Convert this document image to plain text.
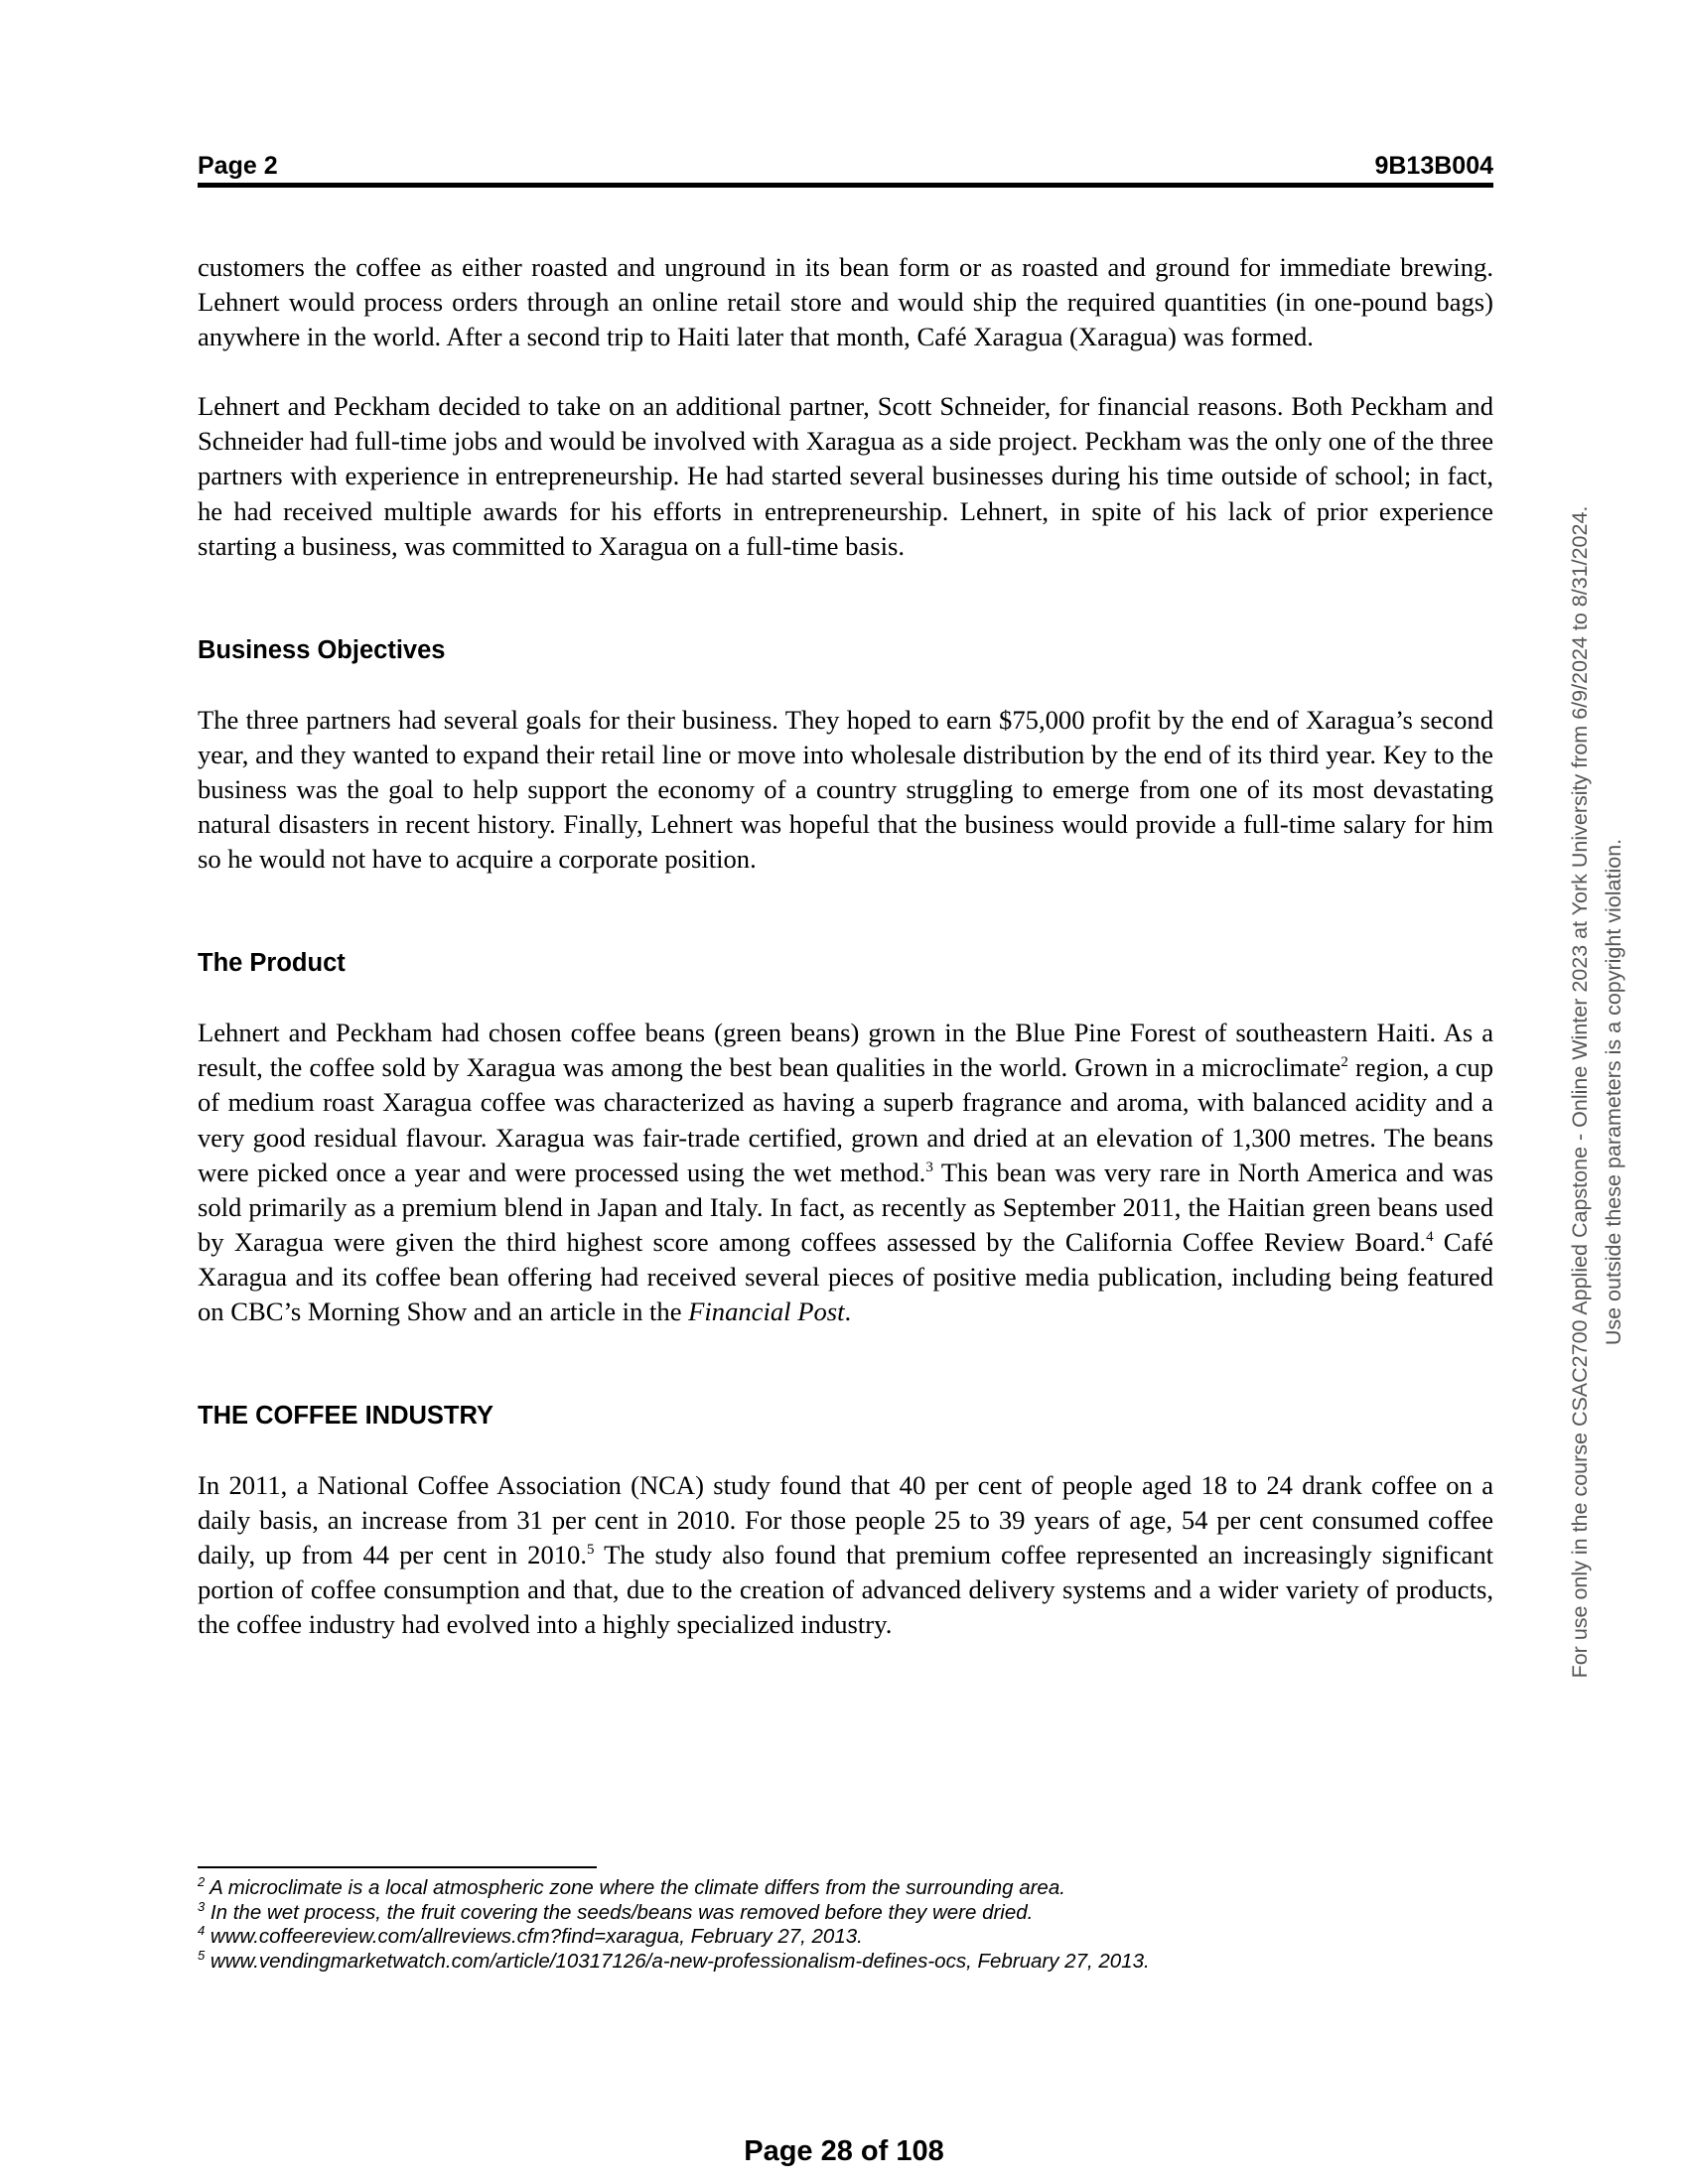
Page 2	9B13B004

customers the coffee as either roasted and unground in its bean form or as roasted and ground for immediate brewing. Lehnert would process orders through an online retail store and would ship the required quantities (in one-pound bags) anywhere in the world. After a second trip to Haiti later that month, Café Xaragua (Xaragua) was formed.

Lehnert and Peckham decided to take on an additional partner, Scott Schneider, for financial reasons. Both Peckham and Schneider had full-time jobs and would be involved with Xaragua as a side project. Peckham was the only one of the three partners with experience in entrepreneurship. He had started several businesses during his time outside of school; in fact, he had received multiple awards for his efforts in entrepreneurship. Lehnert, in spite of his lack of prior experience starting a business, was committed to Xaragua on a full-time basis.

Business Objectives

The three partners had several goals for their business. They hoped to earn $75,000 profit by the end of Xaragua’s second year, and they wanted to expand their retail line or move into wholesale distribution by the end of its third year. Key to the business was the goal to help support the economy of a country struggling to emerge from one of its most devastating natural disasters in recent history. Finally, Lehnert was hopeful that the business would provide a full-time salary for him so he would not have to acquire a corporate position.

The Product

Lehnert and Peckham had chosen coffee beans (green beans) grown in the Blue Pine Forest of southeastern Haiti. As a result, the coffee sold by Xaragua was among the best bean qualities in the world. Grown in a microclimate$^2$ region, a cup of medium roast Xaragua coffee was characterized as having a superb fragrance and aroma, with balanced acidity and a very good residual flavour. Xaragua was fair-trade certified, grown and dried at an elevation of 1,300 metres. The beans were picked once a year and were processed using the wet method.$^3$ This bean was very rare in North America and was sold primarily as a premium blend in Japan and Italy. In fact, as recently as September 2011, the Haitian green beans used by Xaragua were given the third highest score among coffees assessed by the California Coffee Review Board.$^4$ Café Xaragua and its coffee bean offering had received several pieces of positive media publication, including being featured on CBC’s Morning Show and an article in the Financial Post.

THE COFFEE INDUSTRY

In 2011, a National Coffee Association (NCA) study found that 40 per cent of people aged 18 to 24 drank coffee on a daily basis, an increase from 31 per cent in 2010. For those people 25 to 39 years of age, 54 per cent consumed coffee daily, up from 44 per cent in 2010.$^5$ The study also found that premium coffee represented an increasingly significant portion of coffee consumption and that, due to the creation of advanced delivery systems and a wider variety of products, the coffee industry had evolved into a highly specialized industry.

$^2$ A microclimate is a local atmospheric zone where the climate differs from the surrounding area.
$^3$ In the wet process, the fruit covering the seeds/beans was removed before they were dried.
$^4$ www.coffeereview.com/allreviews.cfm?find=xaragua, February 27, 2013.
$^5$ www.vendingmarketwatch.com/article/10317126/a-new-professionalism-defines-ocs, February 27, 2013.
Page 28 of 108
For use only in the course CSAC2700 Applied Capstone - Online Winter 2023 at York University from 6/9/2024 to 8/31/2024. Use outside these parameters is a copyright violation.
